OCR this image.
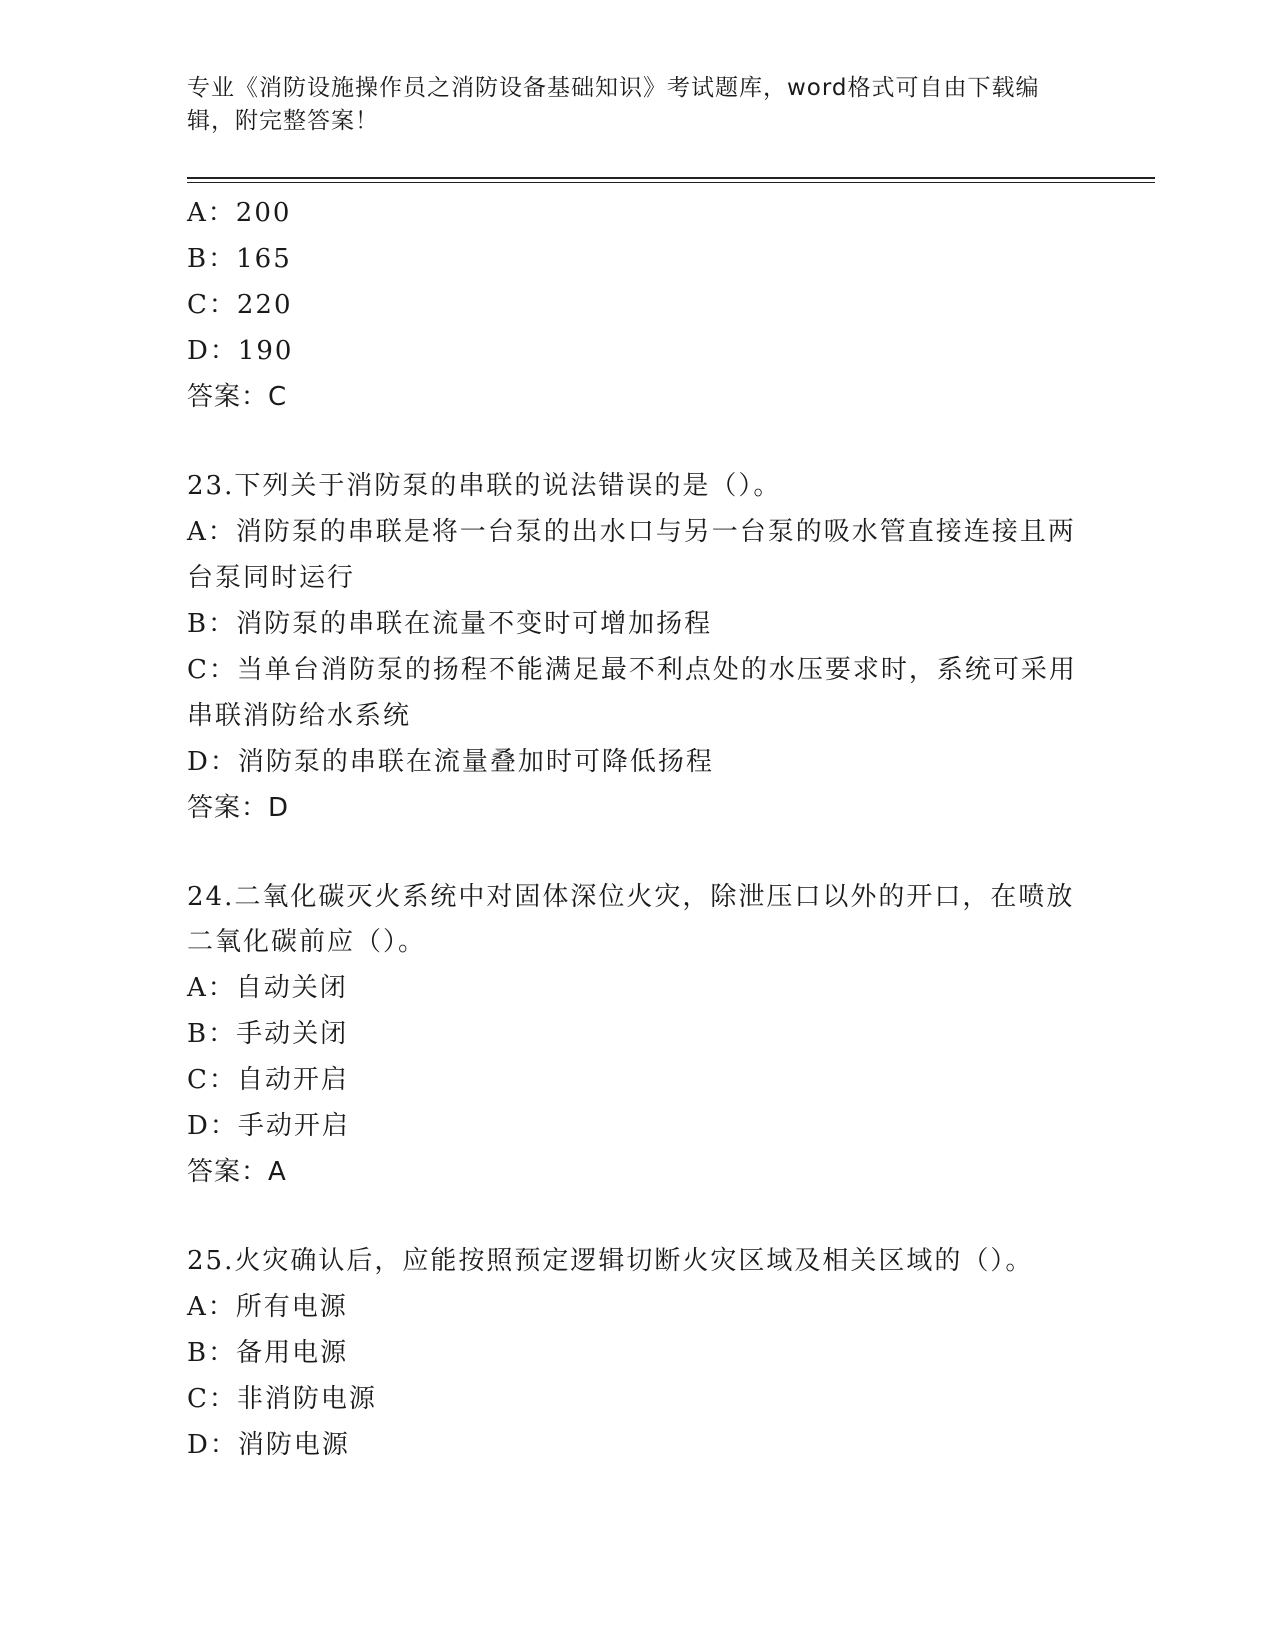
专业《消防设施操作员之消防设备基础知识》考试题库，word格式可自由下载编辑，附完整答案！
A：200
B：165
C：220
D：190
答案：C
23.下列关于消防泵的串联的说法错误的是（）。
A：消防泵的串联是将一台泵的出水口与另一台泵的吸水管直接连接且两台泵同时运行
B：消防泵的串联在流量不变时可增加扬程
C：当单台消防泵的扬程不能满足最不利点处的水压要求时，系统可采用串联消防给水系统
D：消防泵的串联在流量叠加时可降低扬程
答案：D
24.二氧化碳灭火系统中对固体深位火灾，除泄压口以外的开口，在喷放二氧化碳前应（）。
A：自动关闭
B：手动关闭
C：自动开启
D：手动开启
答案：A
25.火灾确认后，应能按照预定逻辑切断火灾区域及相关区域的（）。
A：所有电源
B：备用电源
C：非消防电源
D：消防电源
